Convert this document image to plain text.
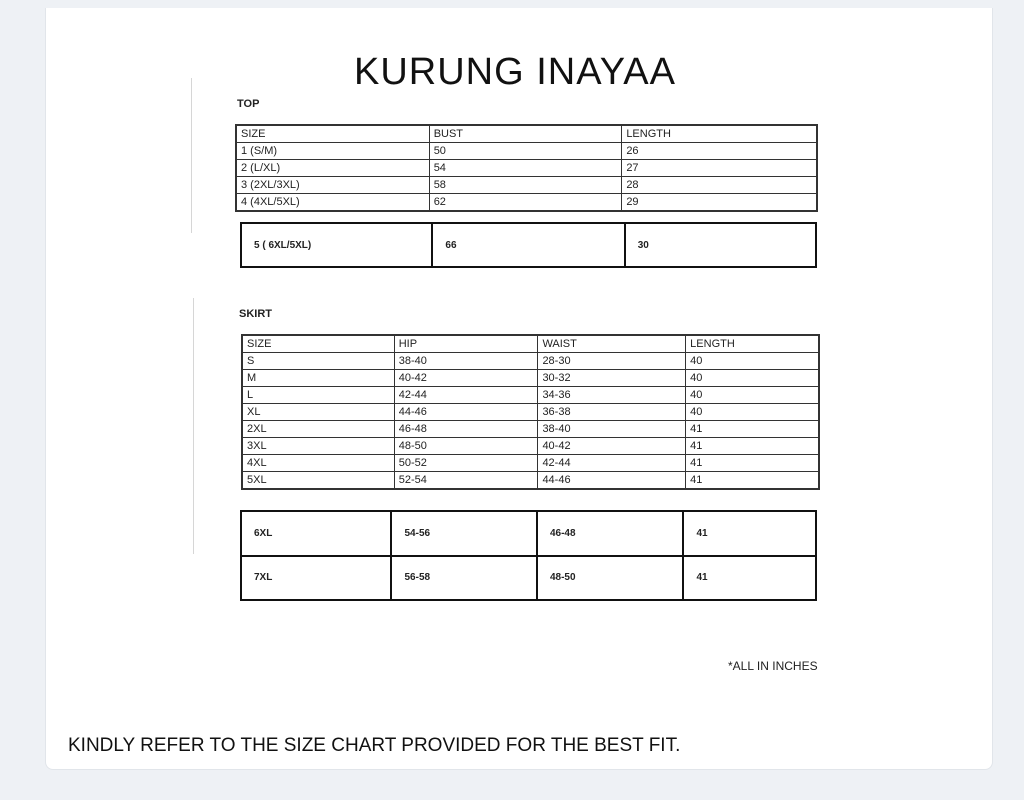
KURUNG INAYAA
TOP
SIZE	BUST	LENGTH
1 (S/M)	50	26
2 (L/XL)	54	27
3 (2XL/3XL)	58	28
4 (4XL/5XL)	62	29
5 ( 6XL/5XL)	66	30
SKIRT
SIZE	HIP	WAIST	LENGTH
S	38-40	28-30	40
M	40-42	30-32	40
L	42-44	34-36	40
XL	44-46	36-38	40
2XL	46-48	38-40	41
3XL	48-50	40-42	41
4XL	50-52	42-44	41
5XL	52-54	44-46	41
6XL	54-56	46-48	41
7XL	56-58	48-50	41
*ALL IN INCHES
KINDLY REFER TO THE SIZE CHART PROVIDED FOR THE BEST FIT.
